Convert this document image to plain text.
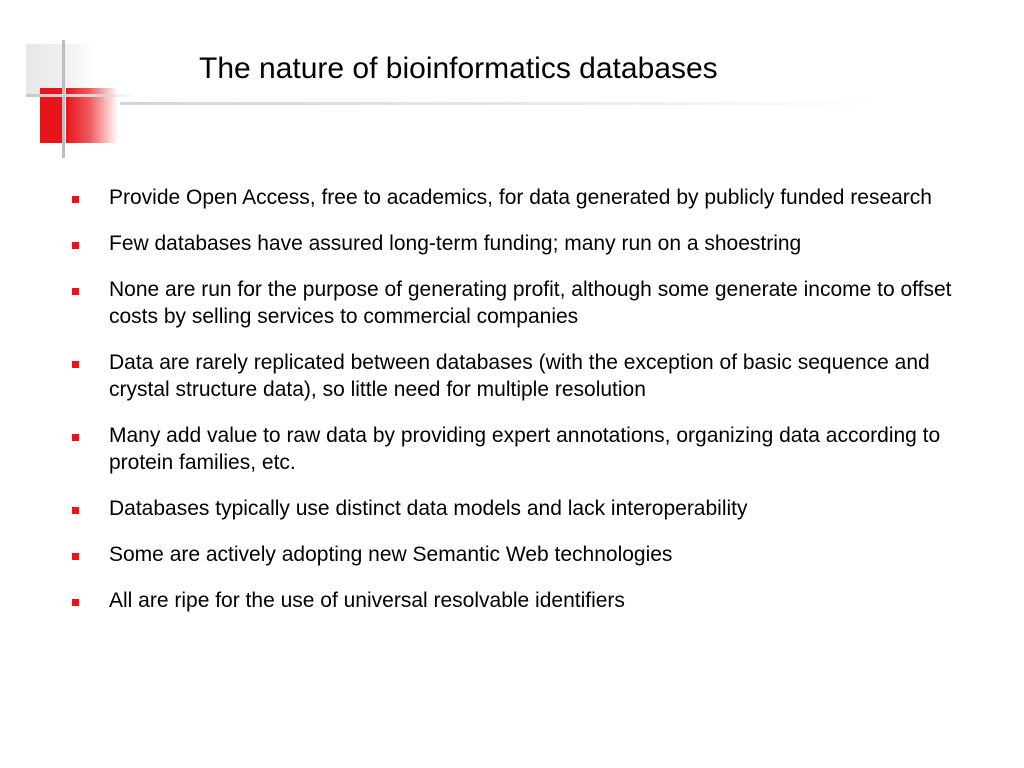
The nature of bioinformatics databases
Provide Open Access, free to academics, for data generated by publicly funded research
Few databases have assured long-term funding; many run on a shoestring
None are run for the purpose of generating profit, although some generate income to offset costs by selling services to commercial companies
Data are rarely replicated between databases (with the exception of basic sequence and crystal structure data), so little need for multiple resolution
Many add value to raw data by providing expert annotations, organizing data according to protein families, etc.
Databases typically use distinct data models and lack interoperability
Some are actively adopting new Semantic Web technologies
All are ripe for the use of universal resolvable identifiers
